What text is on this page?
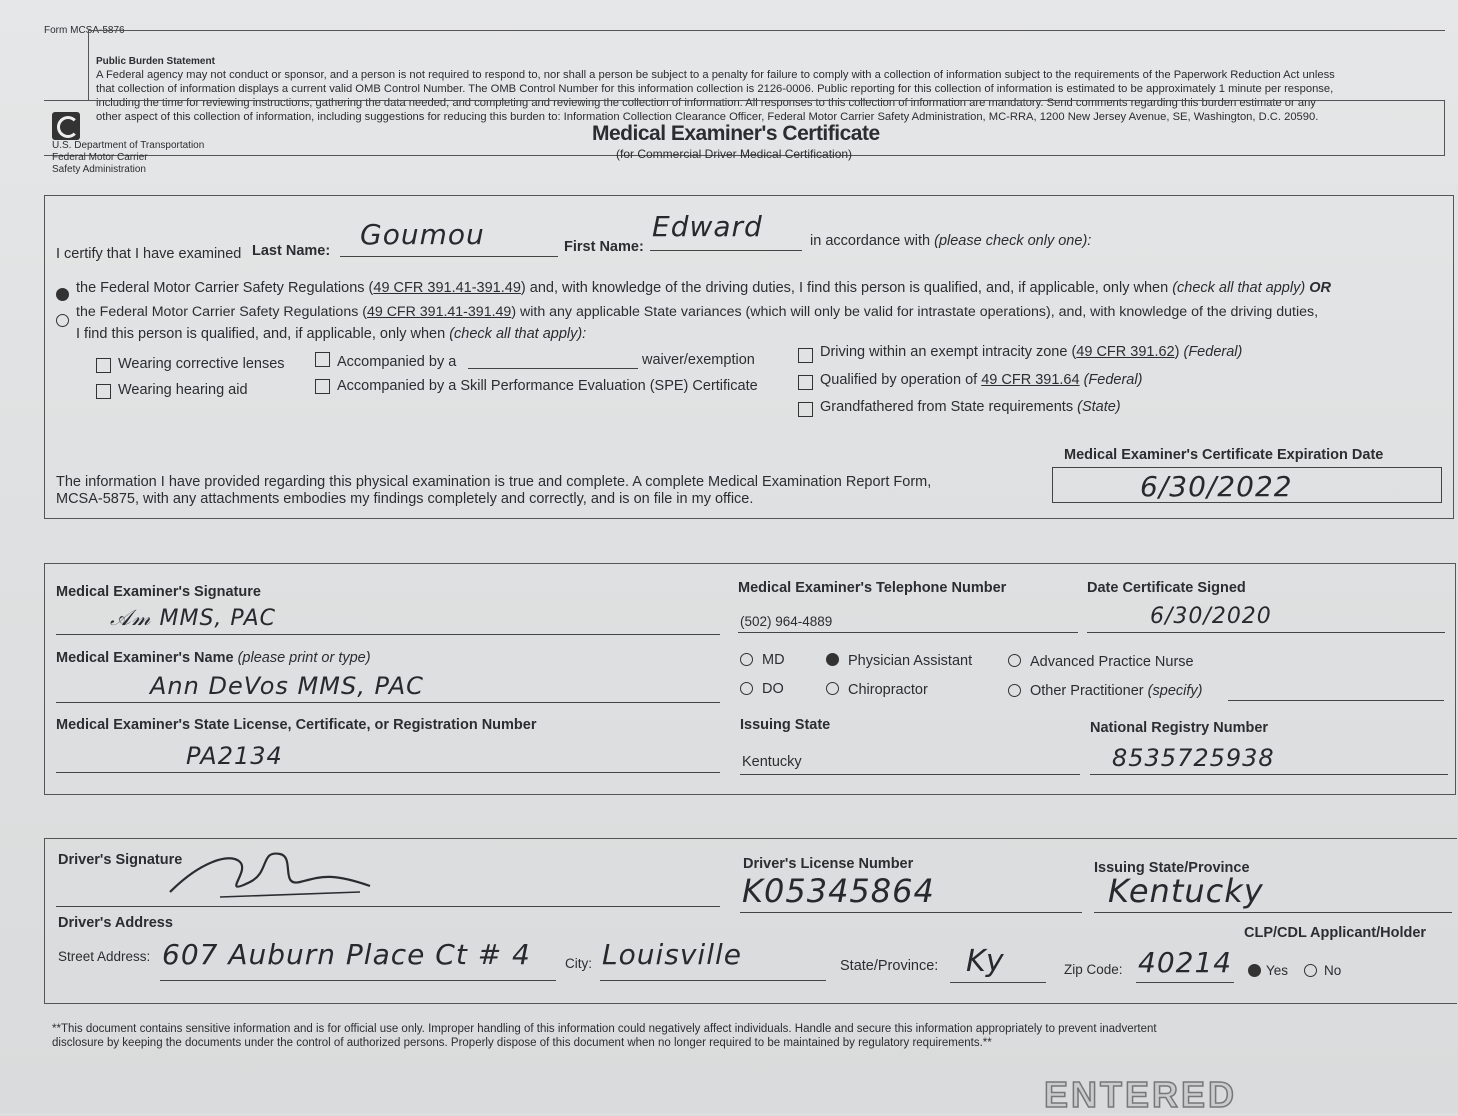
Form MCSA-5876
Public Burden Statement
A Federal agency may not conduct or sponsor, and a person is not required to respond to, nor shall a person be subject to a penalty for failure to comply with a collection of information subject to the requirements of the Paperwork Reduction Act unless
that collection of information displays a current valid OMB Control Number. The OMB Control Number for this information collection is 2126-0006. Public reporting for this collection of information is estimated to be approximately 1 minute per response,
including the time for reviewing instructions, gathering the data needed, and completing and reviewing the collection of information. All responses to this collection of information are mandatory. Send comments regarding this burden estimate or any
other aspect of this collection of information, including suggestions for reducing this burden to: Information Collection Clearance Officer, Federal Motor Carrier Safety Administration, MC-RRA, 1200 New Jersey Avenue, SE, Washington, D.C. 20590.
U.S. Department of Transportation
Federal Motor Carrier
Safety Administration
Medical Examiner's Certificate
(for Commercial Driver Medical Certification)
I certify that I have examined Last Name: Goumou	First Name:
Edward	in accordance with (please check only one):
the Federal Motor Carrier Safety Regulations (49 CFR 391.41-391.49) and, with knowledge of the driving duties, I find this person is qualified, and, if applicable, only when (check all that apply) OR
the Federal Motor Carrier Safety Regulations (49 CFR 391.41-391.49) with any applicable State variances (which will only be valid for intrastate operations), and, with knowledge of the driving duties,
I find this person is qualified, and, if applicable, only when (check all that apply):
Wearing corrective lenses
Wearing hearing aid
Accompanied by a	waiver/exemption
Accompanied by a Skill Performance Evaluation (SPE) Certificate
Driving within an exempt intracity zone (49 CFR 391.62) (Federal)
Qualified by operation of 49 CFR 391.64 (Federal)
Grandfathered from State requirements (State)
The information I have provided regarding this physical examination is true and complete. A complete Medical Examination Report Form,
MCSA-5875, with any attachments embodies my findings completely and correctly, and is on file in my office.
Medical Examiner's Certificate Expiration Date
6/30/2022
Medical Examiner's Signature
𝒜𝓂 MMS, PAC
Medical Examiner's Telephone Number
(502) 964-4889
Date Certificate Signed
6/30/2020
Medical Examiner's Name (please print or type)
Ann DeVos MMS, PAC
MD	Physician Assistant	Advanced Practice Nurse
DO	Chiropractor	Other Practitioner (specify)
Medical Examiner's State License, Certificate, or Registration Number
PA2134
Issuing State
Kentucky
National Registry Number
8535725938
Driver's Signature	Driver's License Number
K05345864
Issuing State/Province
Kentucky
Driver's Address
CLP/CDL Applicant/Holder
Street Address: 607 Auburn Place Ct # 4	City: Louisville	State/Province: Ky	Zip Code: 40214	Yes	No
**This document contains sensitive information and is for official use only. Improper handling of this information could negatively affect individuals. Handle and secure this information appropriately to prevent inadvertent
disclosure by keeping the documents under the control of authorized persons. Properly dispose of this document when no longer required to be maintained by regulatory requirements.**
ENTERED
